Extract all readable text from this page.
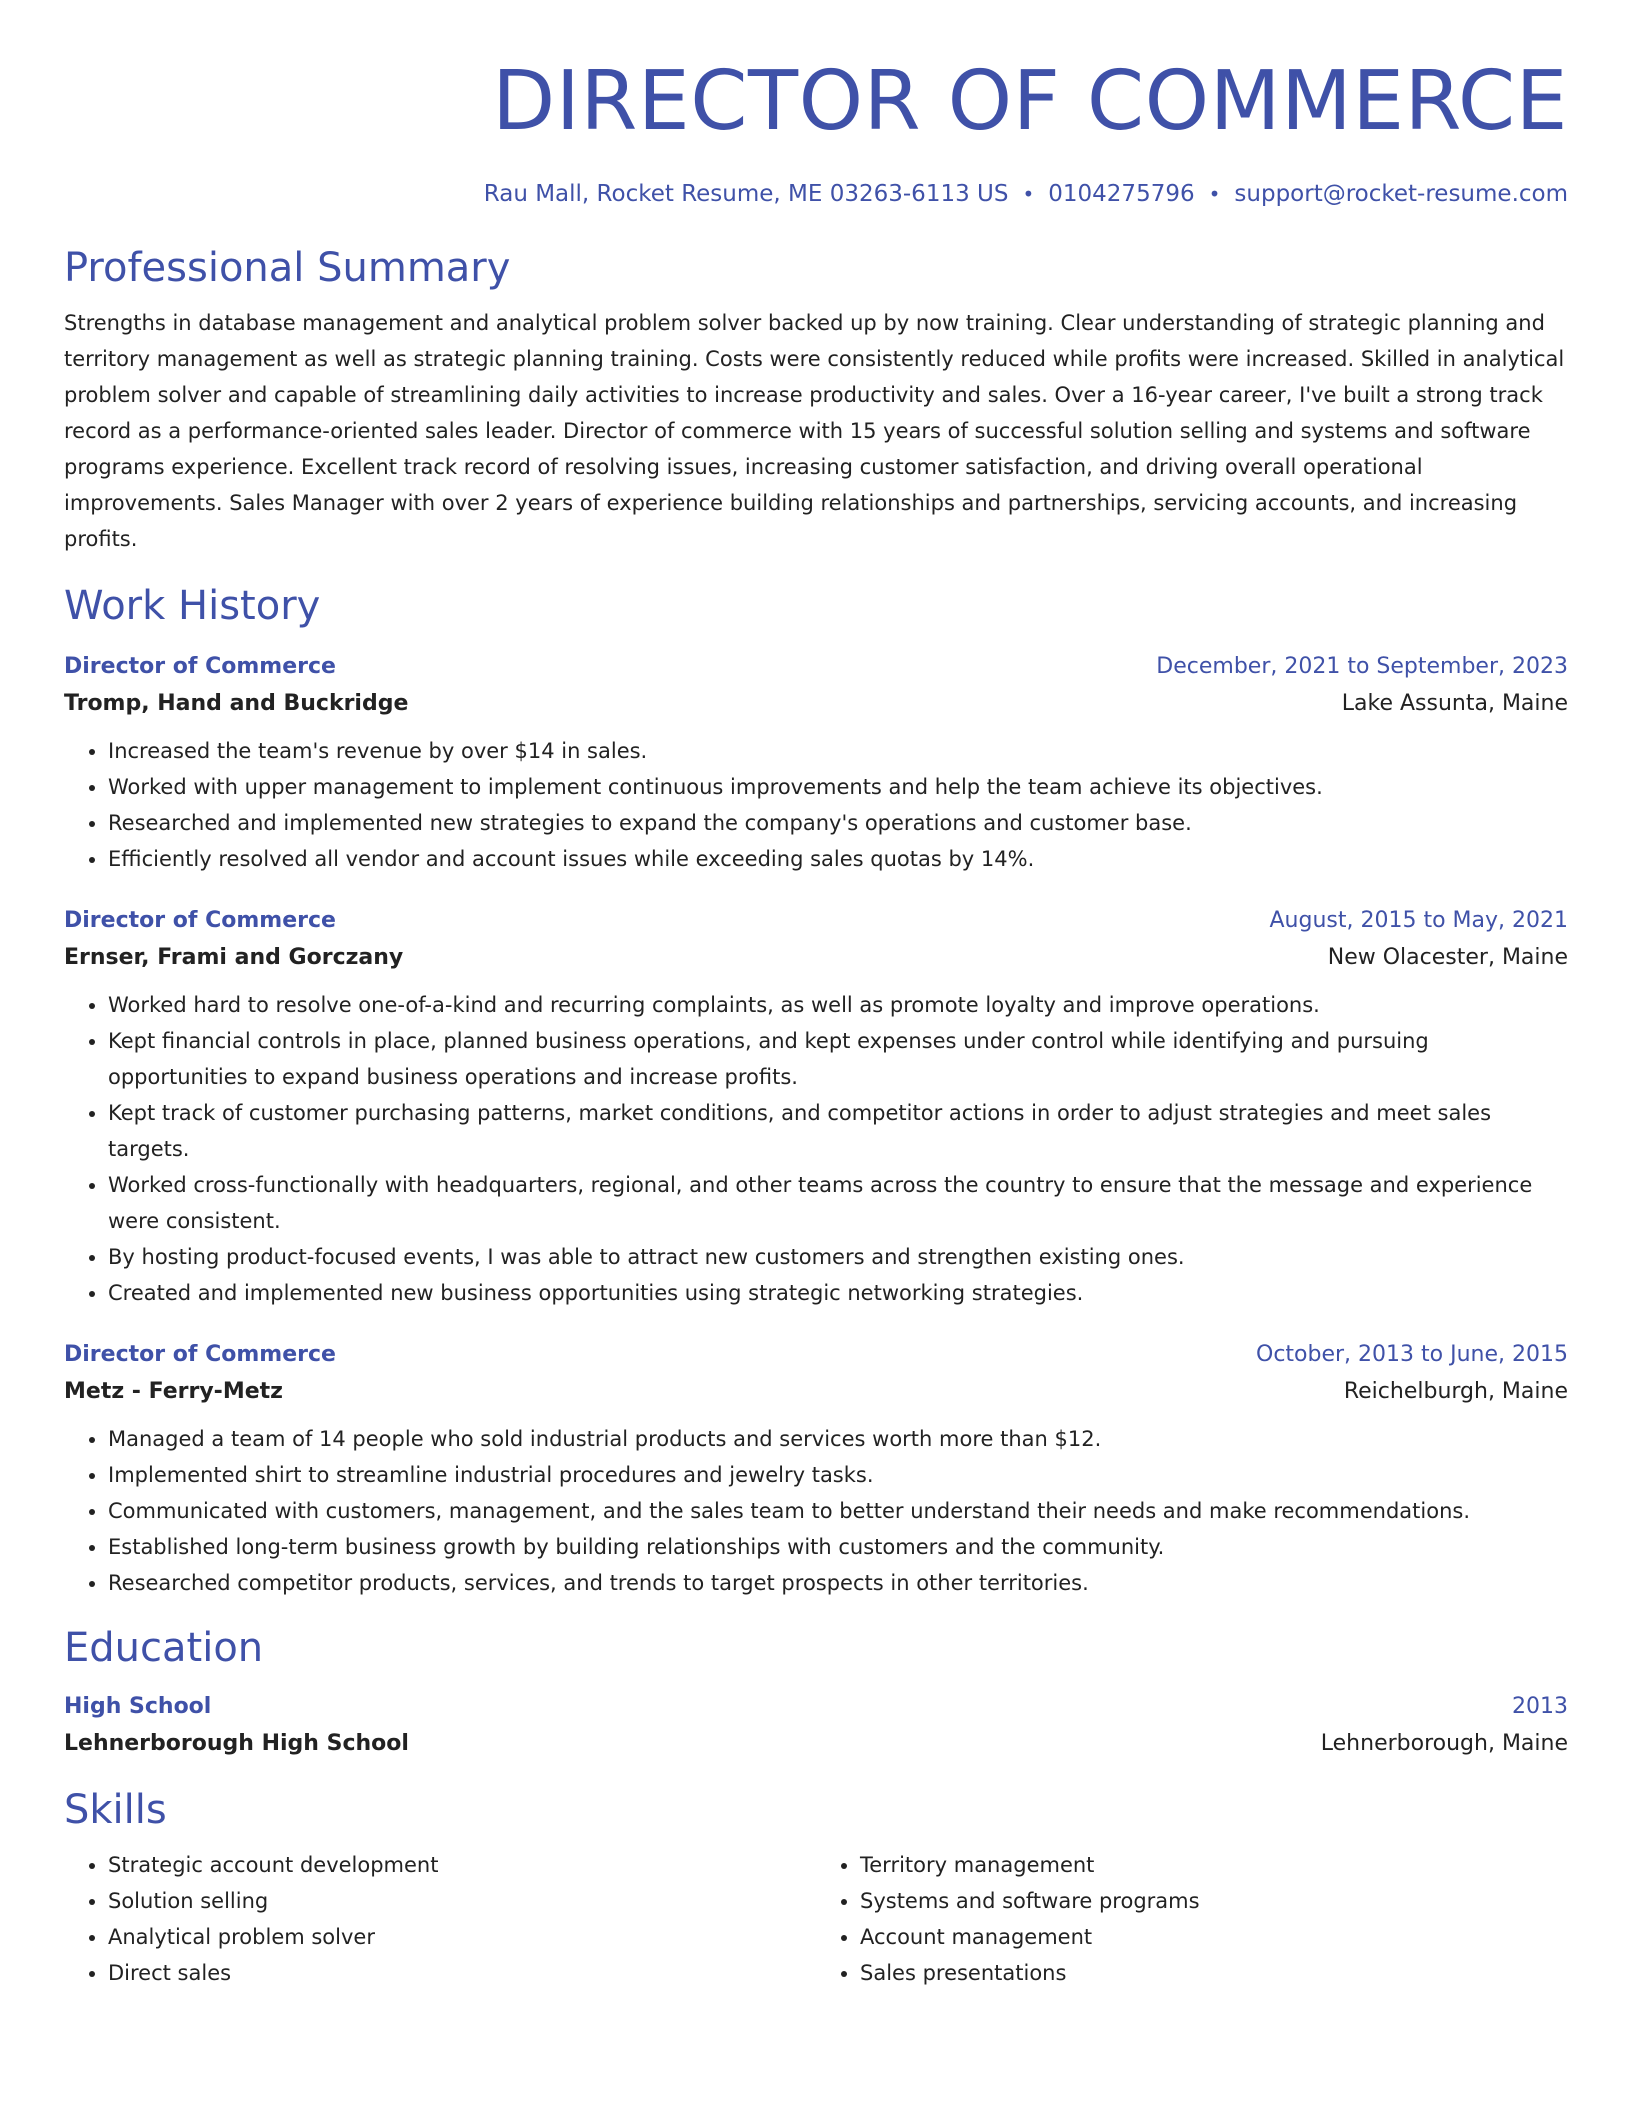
DIRECTOR OF COMMERCE
Rau Mall, Rocket Resume, ME 03263-6113 US • 0104275796 • support@rocket-resume.com
Professional Summary
Strengths in database management and analytical problem solver backed up by now training. Clear understanding of strategic planning and territory management as well as strategic planning training. Costs were consistently reduced while profits were increased. Skilled in analytical problem solver and capable of streamlining daily activities to increase productivity and sales. Over a 16-year career, I've built a strong track record as a performance-oriented sales leader. Director of commerce with 15 years of successful solution selling and systems and software programs experience. Excellent track record of resolving issues, increasing customer satisfaction, and driving overall operational improvements. Sales Manager with over 2 years of experience building relationships and partnerships, servicing accounts, and increasing profits.
Work History
Director of Commerce	December, 2021 to September, 2023
Tromp, Hand and Buckridge	Lake Assunta, Maine
• Increased the team's revenue by over $14 in sales.
• Worked with upper management to implement continuous improvements and help the team achieve its objectives.
• Researched and implemented new strategies to expand the company's operations and customer base.
• Efficiently resolved all vendor and account issues while exceeding sales quotas by 14%.
Director of Commerce	August, 2015 to May, 2021
Ernser, Frami and Gorczany	New Olacester, Maine
• Worked hard to resolve one-of-a-kind and recurring complaints, as well as promote loyalty and improve operations.
• Kept financial controls in place, planned business operations, and kept expenses under control while identifying and pursuing opportunities to expand business operations and increase profits.
• Kept track of customer purchasing patterns, market conditions, and competitor actions in order to adjust strategies and meet sales targets.
• Worked cross-functionally with headquarters, regional, and other teams across the country to ensure that the message and experience were consistent.
• By hosting product-focused events, I was able to attract new customers and strengthen existing ones.
• Created and implemented new business opportunities using strategic networking strategies.
Director of Commerce	October, 2013 to June, 2015
Metz - Ferry-Metz	Reichelburgh, Maine
• Managed a team of 14 people who sold industrial products and services worth more than $12.
• Implemented shirt to streamline industrial procedures and jewelry tasks.
• Communicated with customers, management, and the sales team to better understand their needs and make recommendations.
• Established long-term business growth by building relationships with customers and the community.
• Researched competitor products, services, and trends to target prospects in other territories.
Education
High School	2013
Lehnerborough High School	Lehnerborough, Maine
Skills
• Strategic account development
• Solution selling
• Analytical problem solver
• Direct sales
• Territory management
• Systems and software programs
• Account management
• Sales presentations
